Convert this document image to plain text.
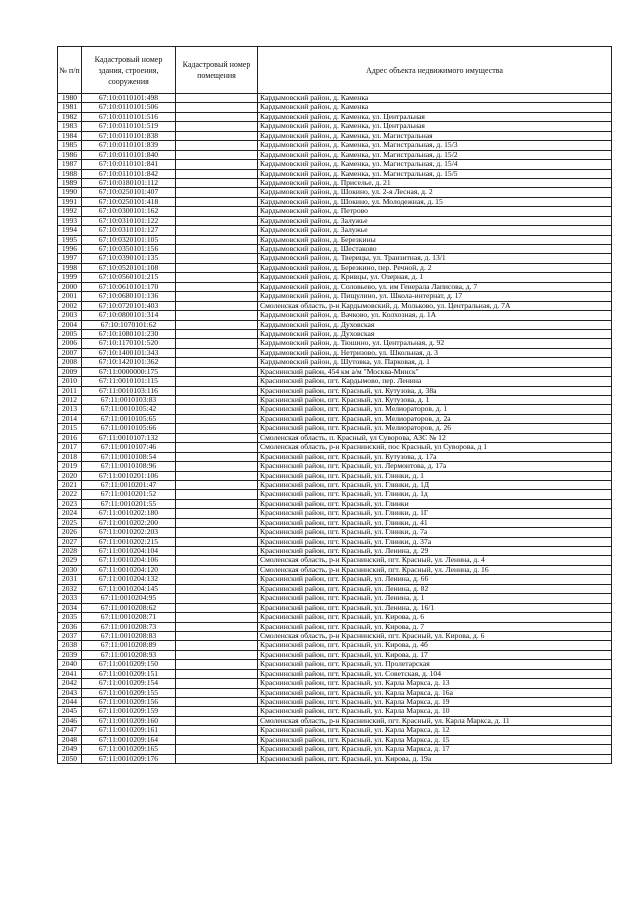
№ п/п	Кадастровый номер здания, строения, сооружения	Кадастровый номер помещения	Адрес объекта недвижимого имущества
1980	67:10:0110101:498		Кардымовский район, д. Каменка
1981	67:10:0110101:506		Кардымовский район, д. Каменка
1982	67:10:0110101:516		Кардымовский район, д. Каменка, ул. Центральная
1983	67:10:0110101:519		Кардымовский район, д. Каменка, ул. Центральная
1984	67:10:0110101:838		Кардымовский район, д. Каменка, ул. Магистральная
1985	67:10:0110101:839		Кардымовский район, д. Каменка, ул. Магистральная, д. 15/3
1986	67:10:0110101:840		Кардымовский район, д. Каменка, ул. Магистральная, д. 15/2
1987	67:10:0110101:841		Кардымовский район, д. Каменка, ул. Магистральная, д. 15/4
1988	67:10:0110101:842		Кардымовский район, д. Каменка, ул. Магистральная, д. 15/5
1989	67:10:0180101:112		Кардымовский район, д. Приселье, д. 21
1990	67:10:0250101:407		Кардымовский район, д. Шокино, ул. 2-я Лесная, д. 2
1991	67:10:0250101:418		Кардымовский район, д. Шокино, ул. Молодежная, д. 15
1992	67:10:0300101:162		Кардымовский район, д. Петрово
1993	67:10:0310101:122		Кардымовский район, д. Залужье
1994	67:10:0310101:127		Кардымовский район, д. Залужье
1995	67:10:0320101:105		Кардымовский район, д. Березкины
1996	67:10:0350101:156		Кардымовский район, д. Шестаково
1997	67:10:0390101:135		Кардымовский район, д. Тверицы, ул. Транзитная, д. 13/1
1998	67:10:0520101:108		Кардымовский район, д. Березкино, пер. Речной, д. 2
1999	67:10:0560101:215		Кардымовский район, д. Кривцы, ул. Озерная, д. 1
2000	67:10:0610101:170		Кардымовский район, д. Соловьево, ул. им Генерала Лаписова, д. 7
2001	67:10:0680101:136		Кардымовский район, д. Пищулино, ул. Школа-интернат, д. 17
2002	67:10:0720101:403		Смоленская область, р-н Кардымовский, д. Мольково, ул. Центральная, д. 7А
2003	67:10:0800101:314		Кардымовский район, д. Вачково, ул. Колхозная, д. 1А
2004	67:10:1070101:62		Кардымовский район, д. Духовская
2005	67:10:1080101:230		Кардымовский район, д. Духовская
2006	67:10:1170101:520		Кардымовский район, д. Тюшино, ул. Центральная, д. 92
2007	67:10:1400101:343		Кардымовский район, д. Нетризово, ул. Школьная, д. 3
2008	67:10:1420101:362		Кардымовский район, д. Шутовка, ул. Парковая, д. 1
2009	67:11:0000000:175		Краснинский район, 454 км а/м "Москва-Минск"
2010	67:11:0010101:115		Краснинский район, пгт. Кардымово, пер. Ленина
2011	67:11:0010103:116		Краснинский район, пгт. Красный, ул. Кутузова, д. 38а
2012	67:11:0010103:83		Краснинский район, пгт. Красный, ул. Кутузова, д. 1
2013	67:11:0010105:42		Краснинский район, пгт. Красный, ул. Мелиораторов, д. 1
2014	67:11:0010105:65		Краснинский район, пгт. Красный, ул. Мелиораторов, д. 2а
2015	67:11:0010105:66		Краснинский район, пгт. Красный, ул. Мелиораторов, д. 26
2016	67:11:0010107:132		Смоленская область, п. Красный, ул Суворова, АЗС № 12
2017	67:11:0010107:46		Смоленская область, р-н Краснинский, пос Красный, ул Суворова, д 1
2018	67:11:0010108:54		Краснинский район, пгт. Красный, ул. Кутузова, д. 17а
2019	67:11:0010108:96		Краснинский район, пгт. Красный, ул. Лермонтова, д. 17а
2020	67:11:0010201:106		Краснинский район, пгт. Красный, ул. Глинки, д. 1
2021	67:11:0010201:47		Краснинский район, пгт. Красный, ул. Глинки, д. 1Д
2022	67:11:0010201:52		Краснинский район, пгт. Красный, ул. Глинки, д. 1д
2023	67:11:0010201:55		Краснинский район, пгт. Красный, ул. Глинки
2024	67:11:0010202:180		Краснинский район, пгт. Красный, ул. Глинки, д. 1Г
2025	67:11:0010202:200		Краснинский район, пгт. Красный, ул. Глинки, д. 41
2026	67:11:0010202:203		Краснинский район, пгт. Красный, ул. Глинки, д. 7а
2027	67:11:0010202:215		Краснинский район, пгт. Красный, ул. Глинки, д. 37а
2028	67:11:0010204:104		Краснинский район, пгт. Красный, ул. Ленина, д. 29
2029	67:11:0010204:106		Смоленская область, р-н Краснинский, пгт. Красный, ул. Ленина, д. 4
2030	67:11:0010204:120		Смоленская область, р-н Краснинский, пгт. Красный, ул. Ленина, д. 16
2031	67:11:0010204:132		Краснинский район, пгт. Красный, ул. Ленина, д. 66
2032	67:11:0010204:145		Краснинский район, пгт. Красный, ул. Ленина, д. 82
2033	67:11:0010204:95		Краснинский район, пгт. Красный, ул. Ленина, д. 1
2034	67:11:0010208:62		Краснинский район, пгт. Красный, ул. Ленина, д. 16/1
2035	67:11:0010208:71		Краснинский район, пгт. Красный, ул. Кирова, д. 6
2036	67:11:0010208:73		Краснинский район, пгт. Красный, ул. Кирова, д. 7
2037	67:11:0010208:83		Смоленская область, р-н Краснинский, пгт. Красный, ул. Кирова, д. 6
2038	67:11:0010208:89		Краснинский район, пгт. Красный, ул. Кирова, д. 4б
2039	67:11:0010208:93		Краснинский район, пгт. Красный, ул. Кирова, д. 17
2040	67:11:0010209:150		Краснинский район, пгт. Красный, ул. Пролетарская
2041	67:11:0010209:151		Краснинский район, пгт. Красный, ул. Советская, д. 104
2042	67:11:0010209:154		Краснинский район, пгт. Красный, ул. Карла Маркса, д. 13
2043	67:11:0010209:155		Краснинский район, пгт. Красный, ул. Карла Маркса, д. 16а
2044	67:11:0010209:156		Краснинский район, пгт. Красный, ул. Карла Маркса, д. 19
2045	67:11:0010209:159		Краснинский район, пгт. Красный, ул. Карла Маркса, д. 10
2046	67:11:0010209:160		Смоленская область, р-н Краснинский, пгт. Красный, ул. Карла Маркса, д. 11
2047	67:11:0010209:161		Краснинский район, пгт. Красный, ул. Карла Маркса, д. 12
2048	67:11:0010209:164		Краснинский район, пгт. Красный, ул. Карла Маркса, д. 15
2049	67:11:0010209:165		Краснинский район, пгт. Красный, ул. Карла Маркса, д. 17
2050	67:11:0010209:176		Краснинский район, пгт. Красный, ул. Кирова, д. 19а
